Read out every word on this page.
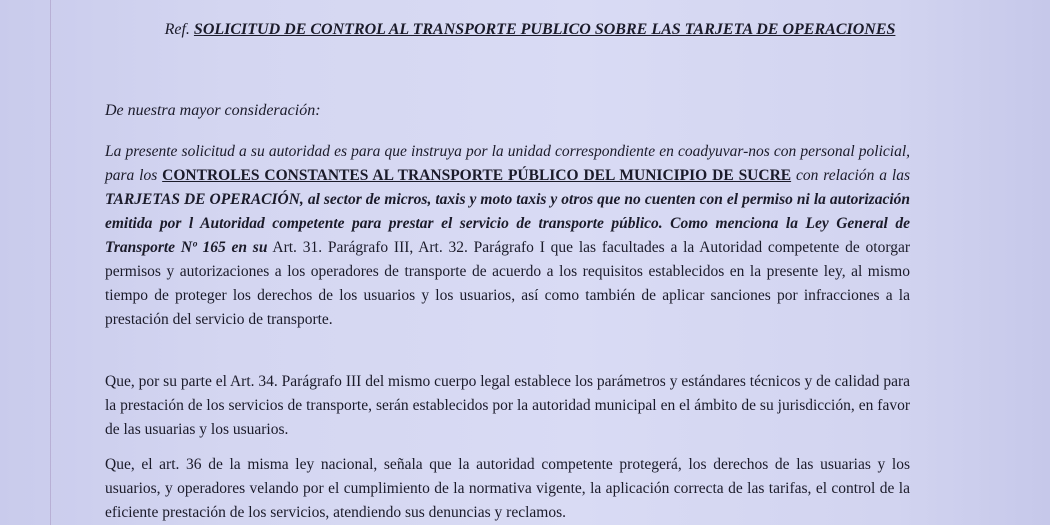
Ref. SOLICITUD DE CONTROL AL TRANSPORTE PUBLICO SOBRE LAS TARJETA DE OPERACIONES
De nuestra mayor consideración:
La presente solicitud a su autoridad es para que instruya por la unidad correspondiente en coadyuvar-nos con personal policial, para los CONTROLES CONSTANTES AL TRANSPORTE PÚBLICO DEL MUNICIPIO DE SUCRE con relación a las TARJETAS DE OPERACIÓN, al sector de micros, taxis y moto taxis y otros que no cuenten con el permiso ni la autorización emitida por l Autoridad competente para prestar el servicio de transporte público. Como menciona la Ley General de Transporte Nº 165 en su Art. 31. Parágrafo III, Art. 32. Parágrafo I que las facultades a la Autoridad competente de otorgar permisos y autorizaciones a los operadores de transporte de acuerdo a los requisitos establecidos en la presente ley, al mismo tiempo de proteger los derechos de los usuarios y los usuarios, así como también de aplicar sanciones por infracciones a la prestación del servicio de transporte.
Que, por su parte el Art. 34. Parágrafo III del mismo cuerpo legal establece los parámetros y estándares técnicos y de calidad para la prestación de los servicios de transporte, serán establecidos por la autoridad municipal en el ámbito de su jurisdicción, en favor de las usuarias y los usuarios.
Que, el art. 36 de la misma ley nacional, señala que la autoridad competente protegerá, los derechos de las usuarias y los usuarios, y operadores velando por el cumplimiento de la normativa vigente, la aplicación correcta de las tarifas, el control de la eficiente prestación de los servicios, atendiendo sus denuncias y reclamos.
